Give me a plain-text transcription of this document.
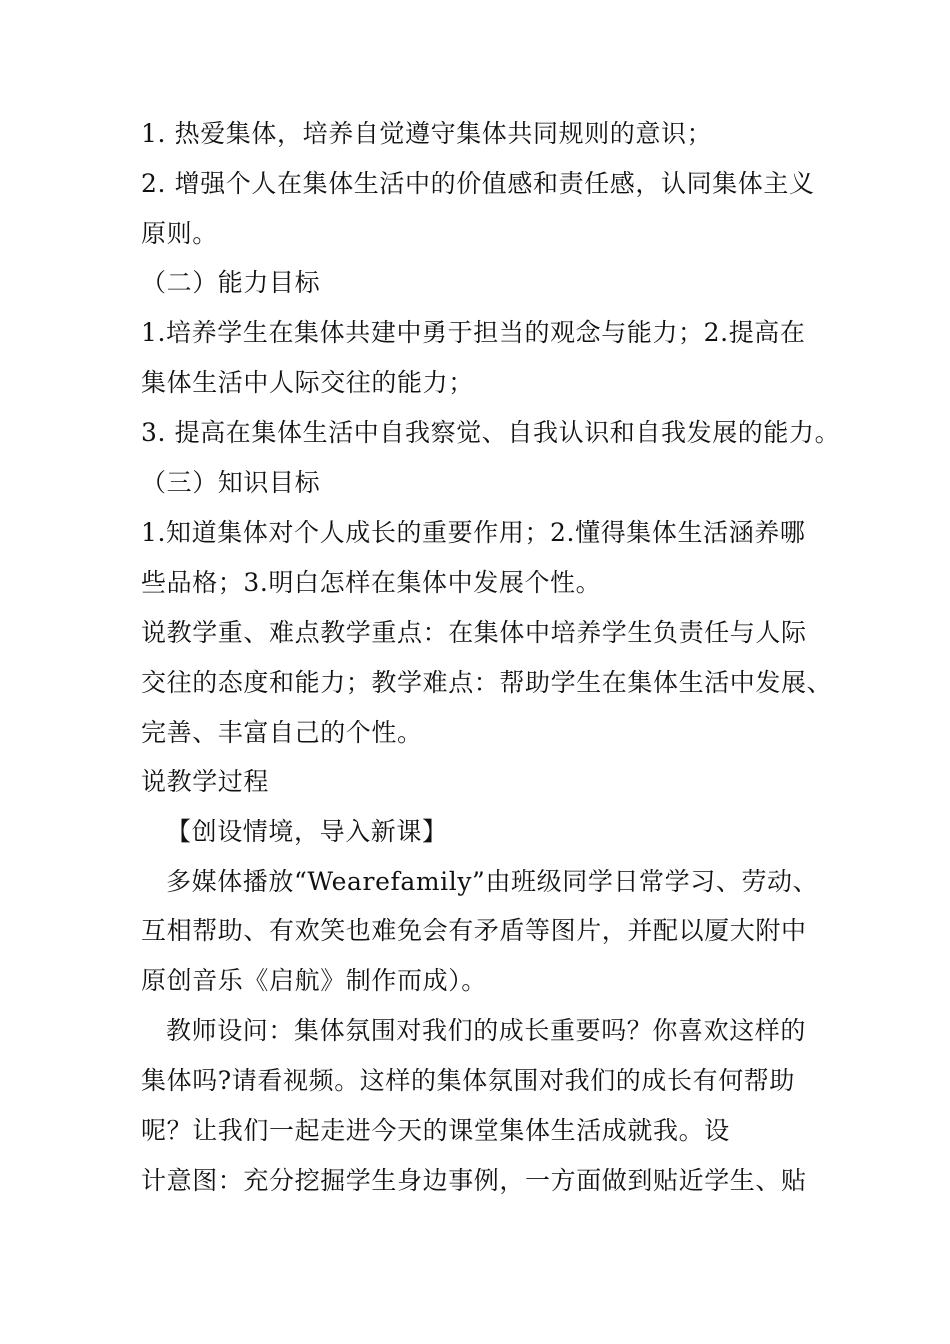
1. 热爱集体，培养自觉遵守集体共同规则的意识；
2. 增强个人在集体生活中的价值感和责任感，认同集体主义
原则。
（二）能力目标
1.培养学生在集体共建中勇于担当的观念与能力；2.提高在
集体生活中人际交往的能力；
3. 提高在集体生活中自我察觉、自我认识和自我发展的能力。
（三）知识目标
1.知道集体对个人成长的重要作用；2.懂得集体生活涵养哪
些品格；3.明白怎样在集体中发展个性。
说教学重、难点教学重点：在集体中培养学生负责任与人际
交往的态度和能力；教学难点：帮助学生在集体生活中发展、
完善、丰富自己的个性。
说教学过程
【创设情境，导入新课】
多媒体播放“Wearefamily”由班级同学日常学习、劳动、
互相帮助、有欢笑也难免会有矛盾等图片，并配以厦大附中
原创音乐《启航》制作而成）。
教师设问：集体氛围对我们的成长重要吗？你喜欢这样的
集体吗?请看视频。这样的集体氛围对我们的成长有何帮助
呢？让我们一起走进今天的课堂集体生活成就我。设
计意图：充分挖掘学生身边事例，一方面做到贴近学生、贴
